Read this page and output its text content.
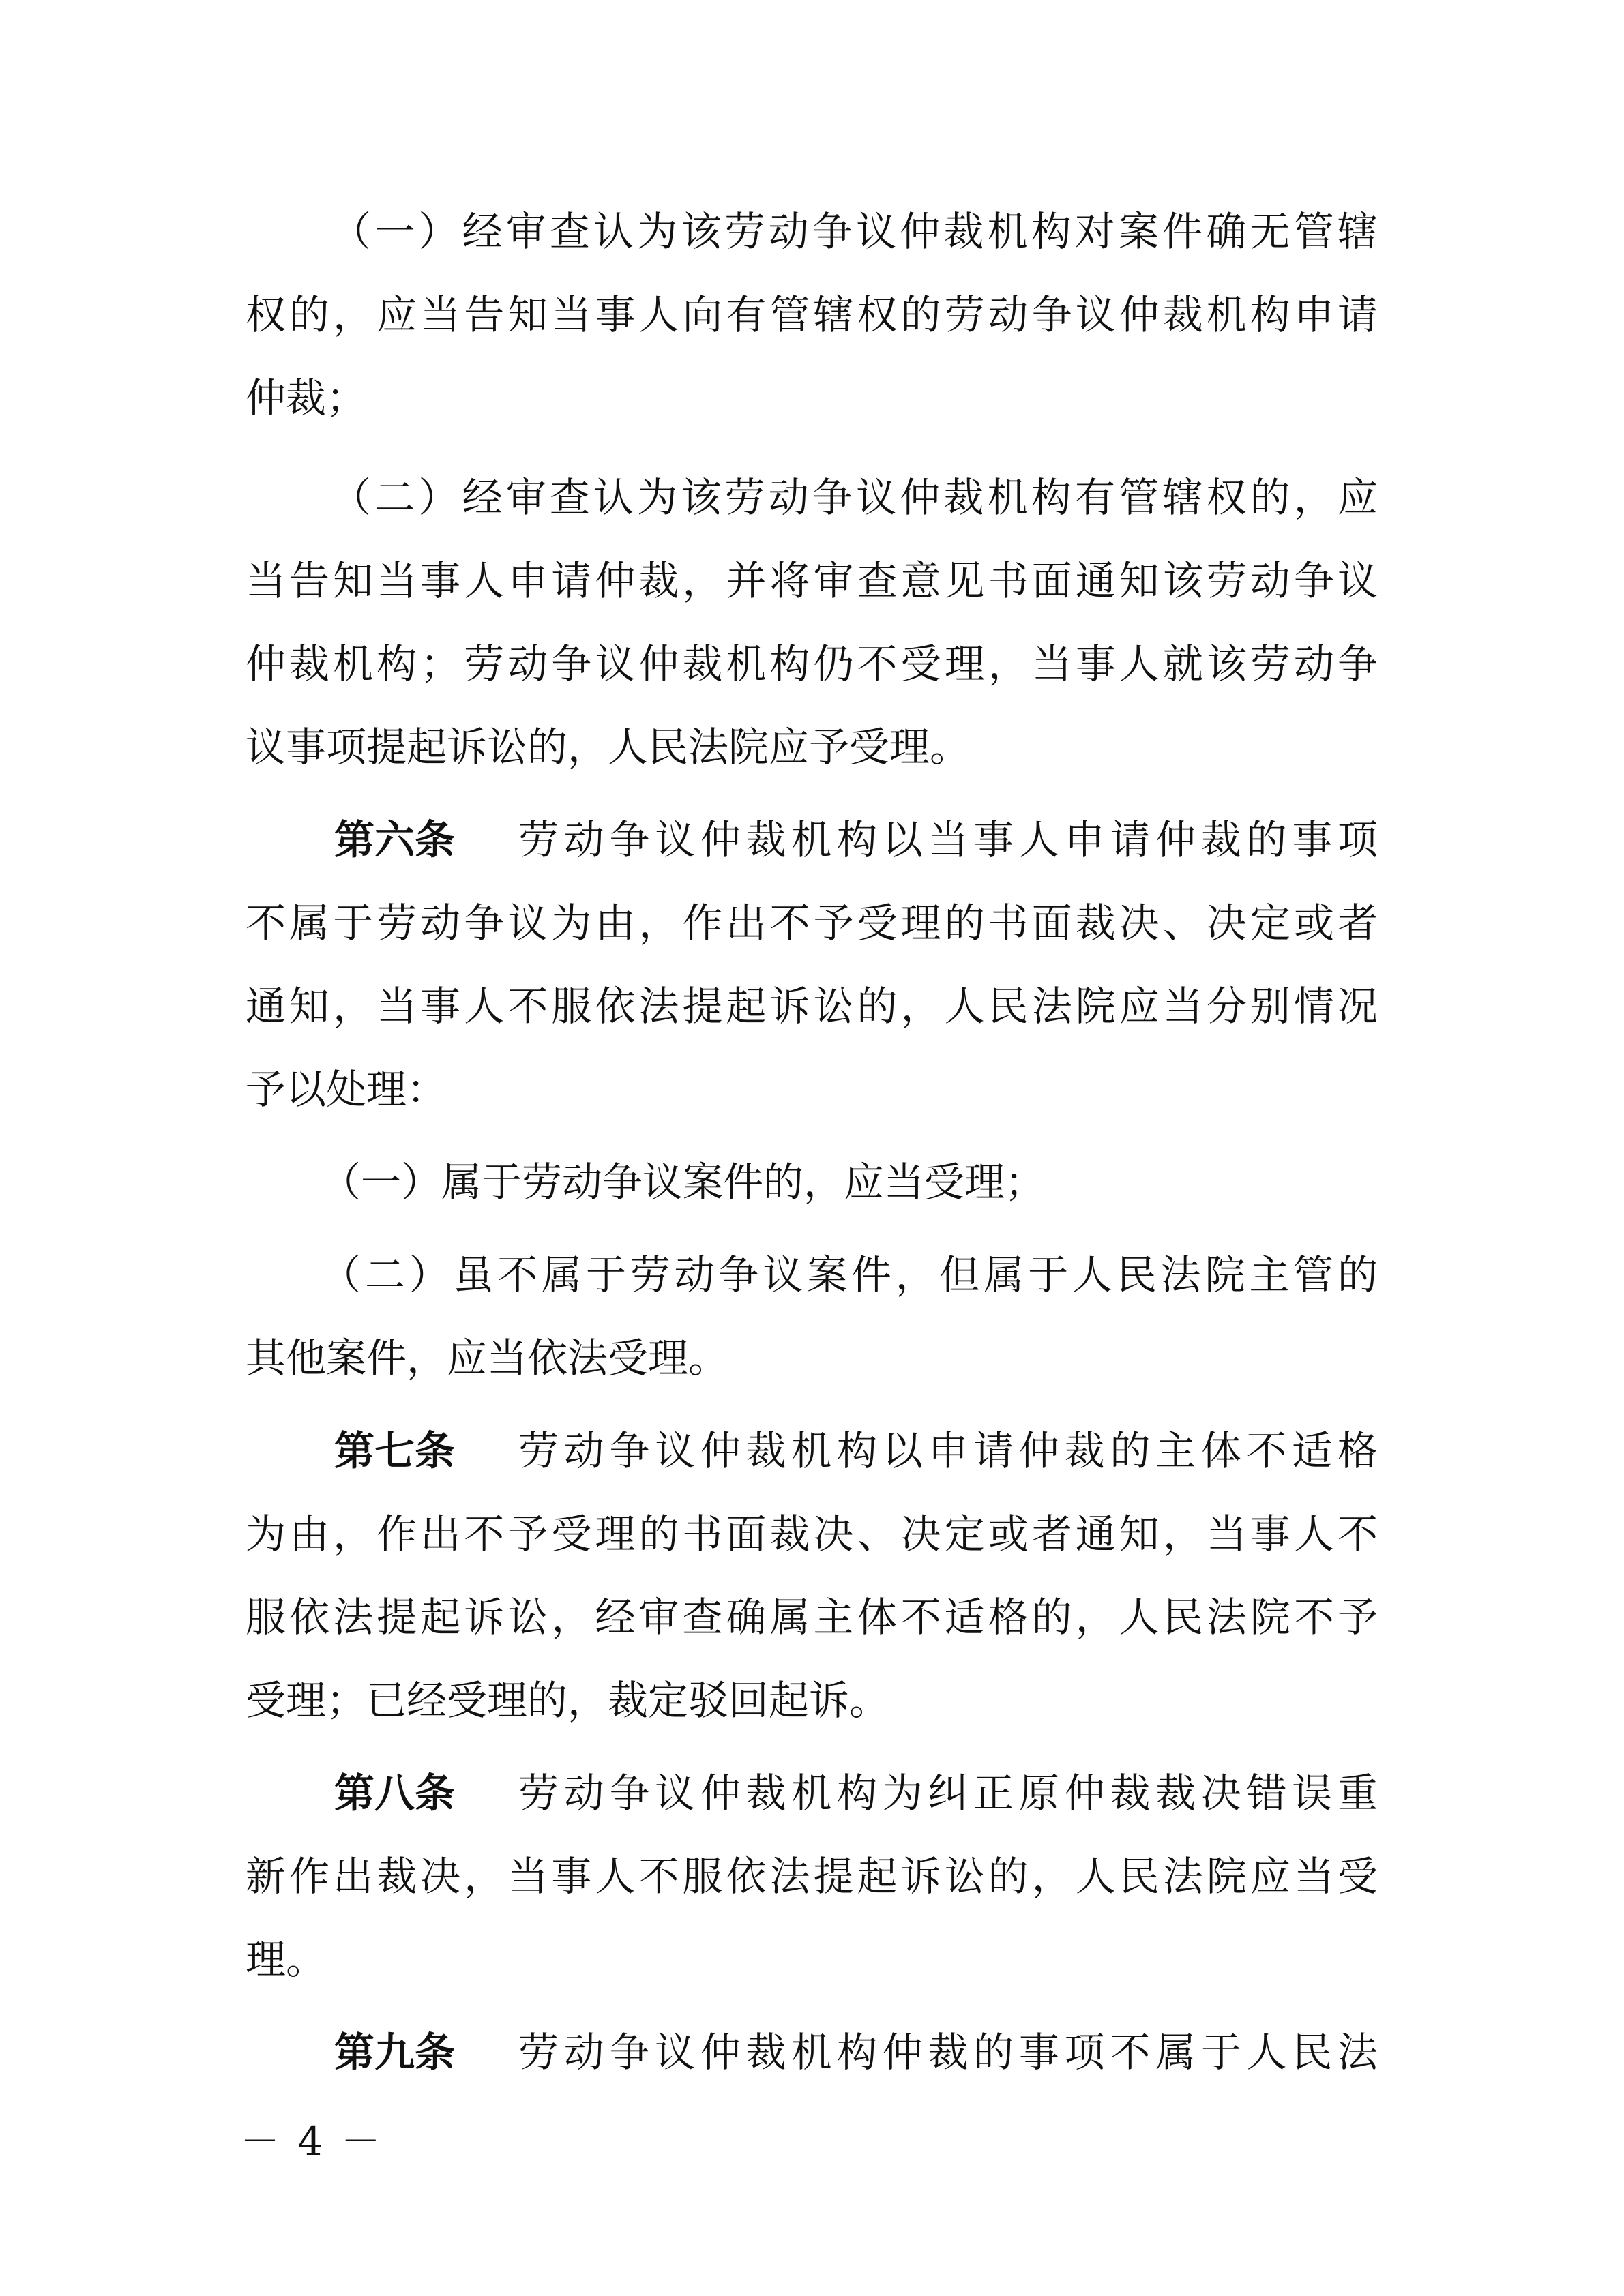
（一）经审查认为该劳动争议仲裁机构对案件确无管辖
权的，应当告知当事人向有管辖权的劳动争议仲裁机构申请
仲裁；
（二）经审查认为该劳动争议仲裁机构有管辖权的，应
当告知当事人申请仲裁，并将审查意见书面通知该劳动争议
仲裁机构；劳动争议仲裁机构仍不受理，当事人就该劳动争
议事项提起诉讼的，人民法院应予受理。
第六条	劳动争议仲裁机构以当事人申请仲裁的事项
不属于劳动争议为由，作出不予受理的书面裁决、决定或者
通知，当事人不服依法提起诉讼的，人民法院应当分别情况
予以处理：
（一）属于劳动争议案件的，应当受理；
（二）虽不属于劳动争议案件，但属于人民法院主管的
其他案件，应当依法受理。
第七条	劳动争议仲裁机构以申请仲裁的主体不适格
为由，作出不予受理的书面裁决、决定或者通知，当事人不
服依法提起诉讼，经审查确属主体不适格的，人民法院不予
受理；已经受理的，裁定驳回起诉。
第八条	劳动争议仲裁机构为纠正原仲裁裁决错误重
新作出裁决，当事人不服依法提起诉讼的，人民法院应当受
理。
第九条	劳动争议仲裁机构仲裁的事项不属于人民法
－ 4 －
